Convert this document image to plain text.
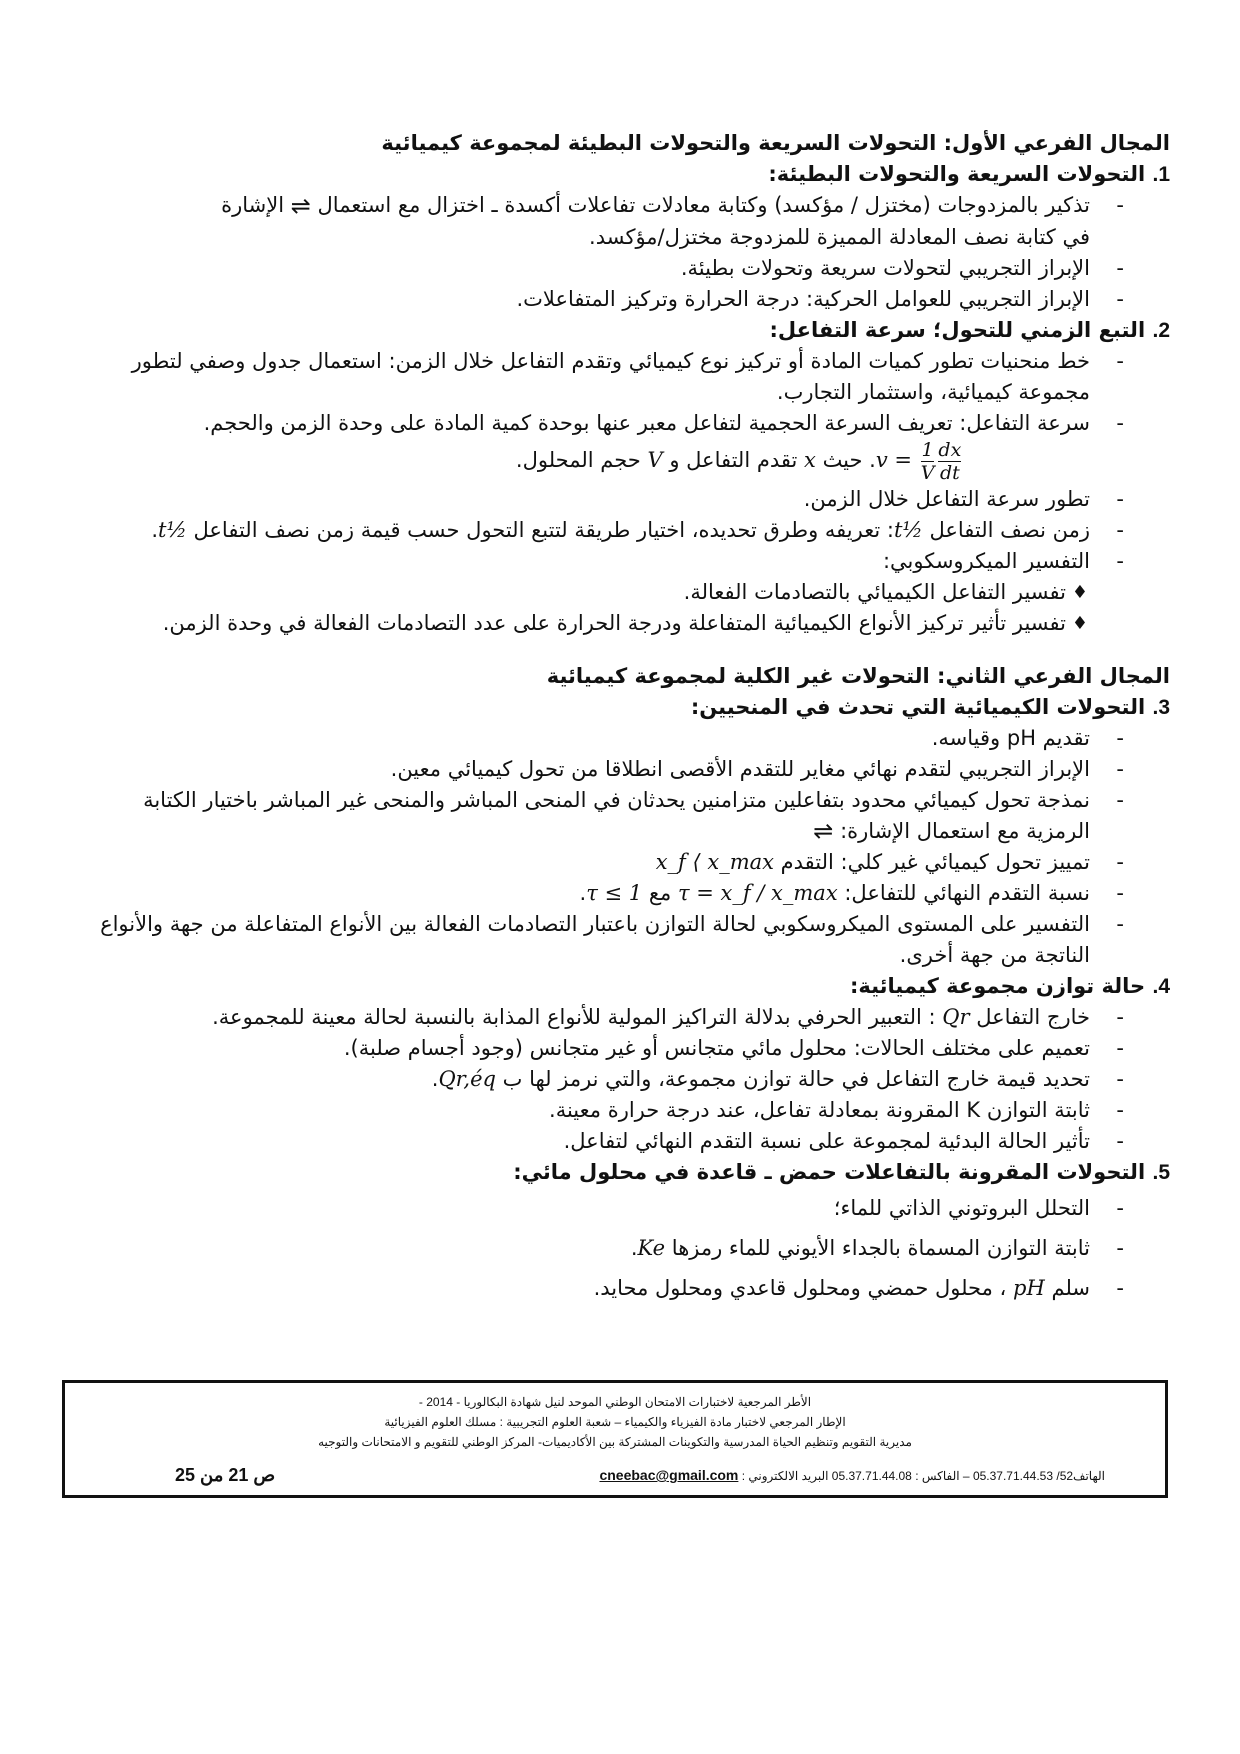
المجال الفرعي الأول: التحولات السريعة والتحولات البطيئة لمجموعة كيميائية

1. التحولات السريعة والتحولات البطيئة:

- تذكير بالمزدوجات (مختزل / مؤكسد) وكتابة معادلات تفاعلات أكسدة ـ اختزال مع استعمال ⇌ الإشارة
في كتابة نصف المعادلة المميزة للمزدوجة مختزل/مؤكسد.
- الإبراز التجريبي لتحولات سريعة وتحولات بطيئة.
- الإبراز التجريبي للعوامل الحركية: درجة الحرارة وتركيز المتفاعلات.

2. التبع الزمني للتحول؛ سرعة التفاعل:

- خط منحنيات تطور كميات المادة أو تركيز نوع كيميائي وتقدم التفاعل خلال الزمن: استعمال جدول وصفي لتطور مجموعة كيميائية، واستثمار التجارب.
- سرعة التفاعل: تعريف السرعة الحجمية لتفاعل معبر عنها بوحدة كمية المادة على وحدة الزمن والحجم.
$v = \frac{1}{V} \frac{dx}{dt}$
. حيث x تقدم التفاعل و V حجم المحلول.
- تطور سرعة التفاعل خلال الزمن.
- زمن نصف التفاعل t½: تعريفه وطرق تحديده، اختيار طريقة لتتبع التحول حسب قيمة زمن نصف التفاعل t½.
- التفسير الميكروسكوبي:
♦ تفسير التفاعل الكيميائي بالتصادمات الفعالة.
♦ تفسير تأثير تركيز الأنواع الكيميائية المتفاعلة ودرجة الحرارة على عدد التصادمات الفعالة في وحدة الزمن.

المجال الفرعي الثاني: التحولات غير الكلية لمجموعة كيميائية

3. التحولات الكيميائية التي تحدث في المنحيين:

- تقديم pH وقياسه.
- الإبراز التجريبي لتقدم نهائي مغاير للتقدم الأقصى انطلاقا من تحول كيميائي معين.
- نمذجة تحول كيميائي محدود بتفاعلين متزامنين يحدثان في المنحى المباشر والمنحى غير المباشر باختيار الكتابة الرمزية مع استعمال الإشارة: ⇌
- تمييز تحول كيميائي غير كلي: التقدم x_f ⟨ x_max
- نسبة التقدم النهائي للتفاعل: τ = x_f / x_max مع τ ≤ 1.
- التفسير على المستوى الميكروسكوبي لحالة التوازن باعتبار التصادمات الفعالة بين الأنواع المتفاعلة من جهة والأنواع الناتجة من جهة أخرى.

4. حالة توازن مجموعة كيميائية:

- خارج التفاعل Qr : التعبير الحرفي بدلالة التراكيز المولية للأنواع المذابة بالنسبة لحالة معينة للمجموعة.
- تعميم على مختلف الحالات: محلول مائي متجانس أو غير متجانس (وجود أجسام صلبة).
- تحديد قيمة خارج التفاعل في حالة توازن مجموعة، والتي نرمز لها ب Qr,éq.
- ثابتة التوازن K المقرونة بمعادلة تفاعل، عند درجة حرارة معينة.
- تأثير الحالة البدئية لمجموعة على نسبة التقدم النهائي لتفاعل.

5. التحولات المقرونة بالتفاعلات حمض ـ قاعدة في محلول مائي:

- التحلل البروتوني الذاتي للماء؛
- ثابتة التوازن المسماة بالجداء الأيوني للماء رمزها Ke.
- سلم pH ، محلول حمضي ومحلول قاعدي ومحلول محايد.
الأطر المرجعية لاختبارات الامتحان الوطني الموحد لنيل شهادة البكالوريا - 2014 -
الإطار المرجعي لاختبار مادة الفيزياء والكيمياء – شعبة العلوم التجريبية : مسلك العلوم الفيزيائية
مديرية التقويم وتنظيم الحياة المدرسية والتكوينات المشتركة بين الأكاديميات- المركز الوطني للتقويم و الامتحانات والتوجيه
الهاتف52/ 05.37.71.44.53 – الفاكس : 05.37.71.44.08 البريد الالكتروني : cneebac@gmail.com
ص 21 من 25
